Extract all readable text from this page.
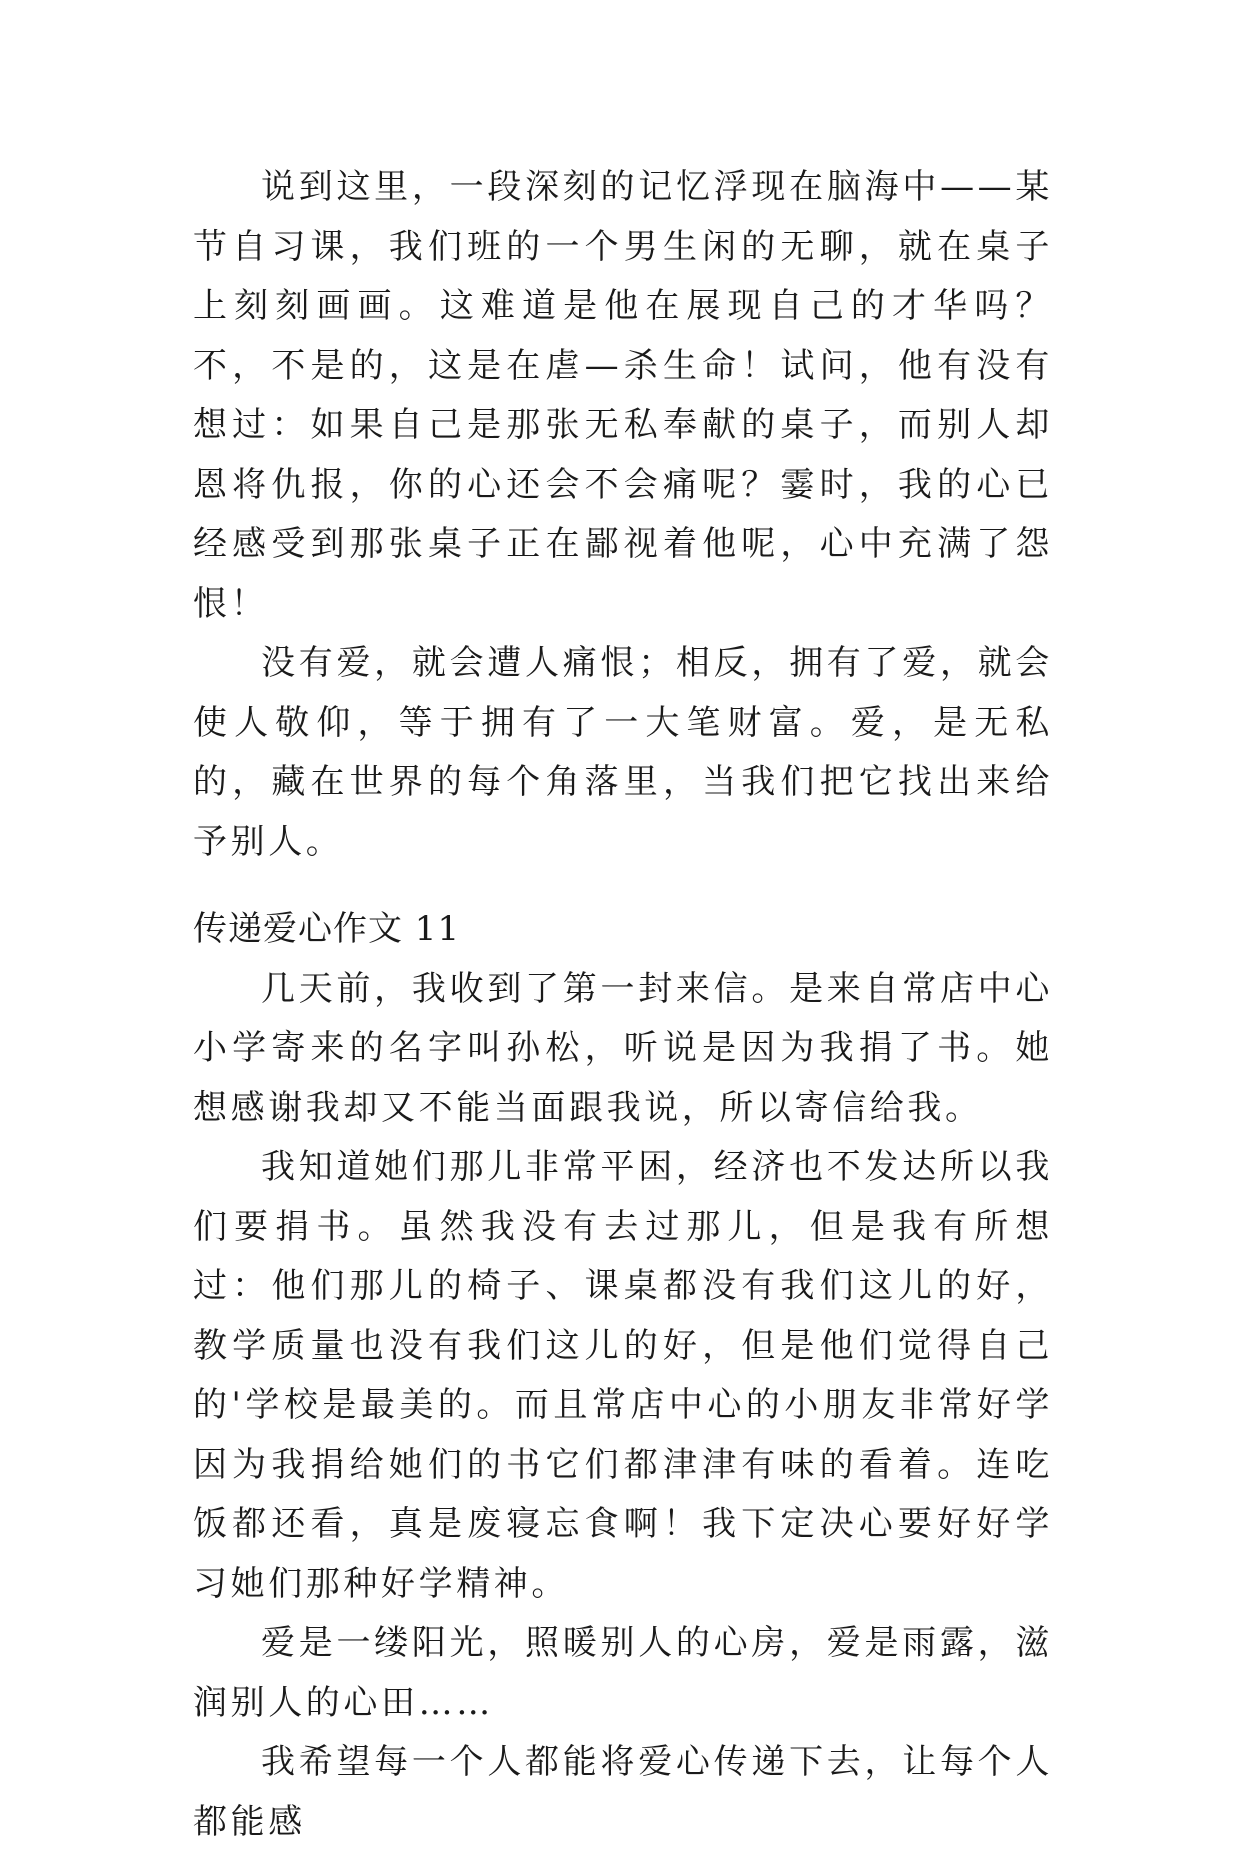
说到这里，一段深刻的记忆浮现在脑海中——某节自习课，我们班的一个男生闲的无聊，就在桌子上刻刻画画。这难道是他在展现自己的才华吗？不，不是的，这是在虐—杀生命！试问，他有没有想过：如果自己是那张无私奉献的桌子，而别人却恩将仇报，你的心还会不会痛呢？霎时，我的心已经感受到那张桌子正在鄙视着他呢，心中充满了怨恨！

没有爱，就会遭人痛恨；相反，拥有了爱，就会使人敬仰，等于拥有了一大笔财富。爱，是无私的，藏在世界的每个角落里，当我们把它找出来给予别人。

传递爱心作文 11

几天前，我收到了第一封来信。是来自常店中心小学寄来的名字叫孙松，听说是因为我捐了书。她想感谢我却又不能当面跟我说，所以寄信给我。

我知道她们那儿非常平困，经济也不发达所以我们要捐书。虽然我没有去过那儿，但是我有所想过：他们那儿的椅子、课桌都没有我们这儿的好，教学质量也没有我们这儿的好，但是他们觉得自己的'学校是最美的。而且常店中心的小朋友非常好学因为我捐给她们的书它们都津津有味的看着。连吃饭都还看，真是废寝忘食啊！我下定决心要好好学习她们那种好学精神。

爱是一缕阳光，照暖别人的心房，爱是雨露，滋润别人的心田……

我希望每一个人都能将爱心传递下去，让每个人都能感
